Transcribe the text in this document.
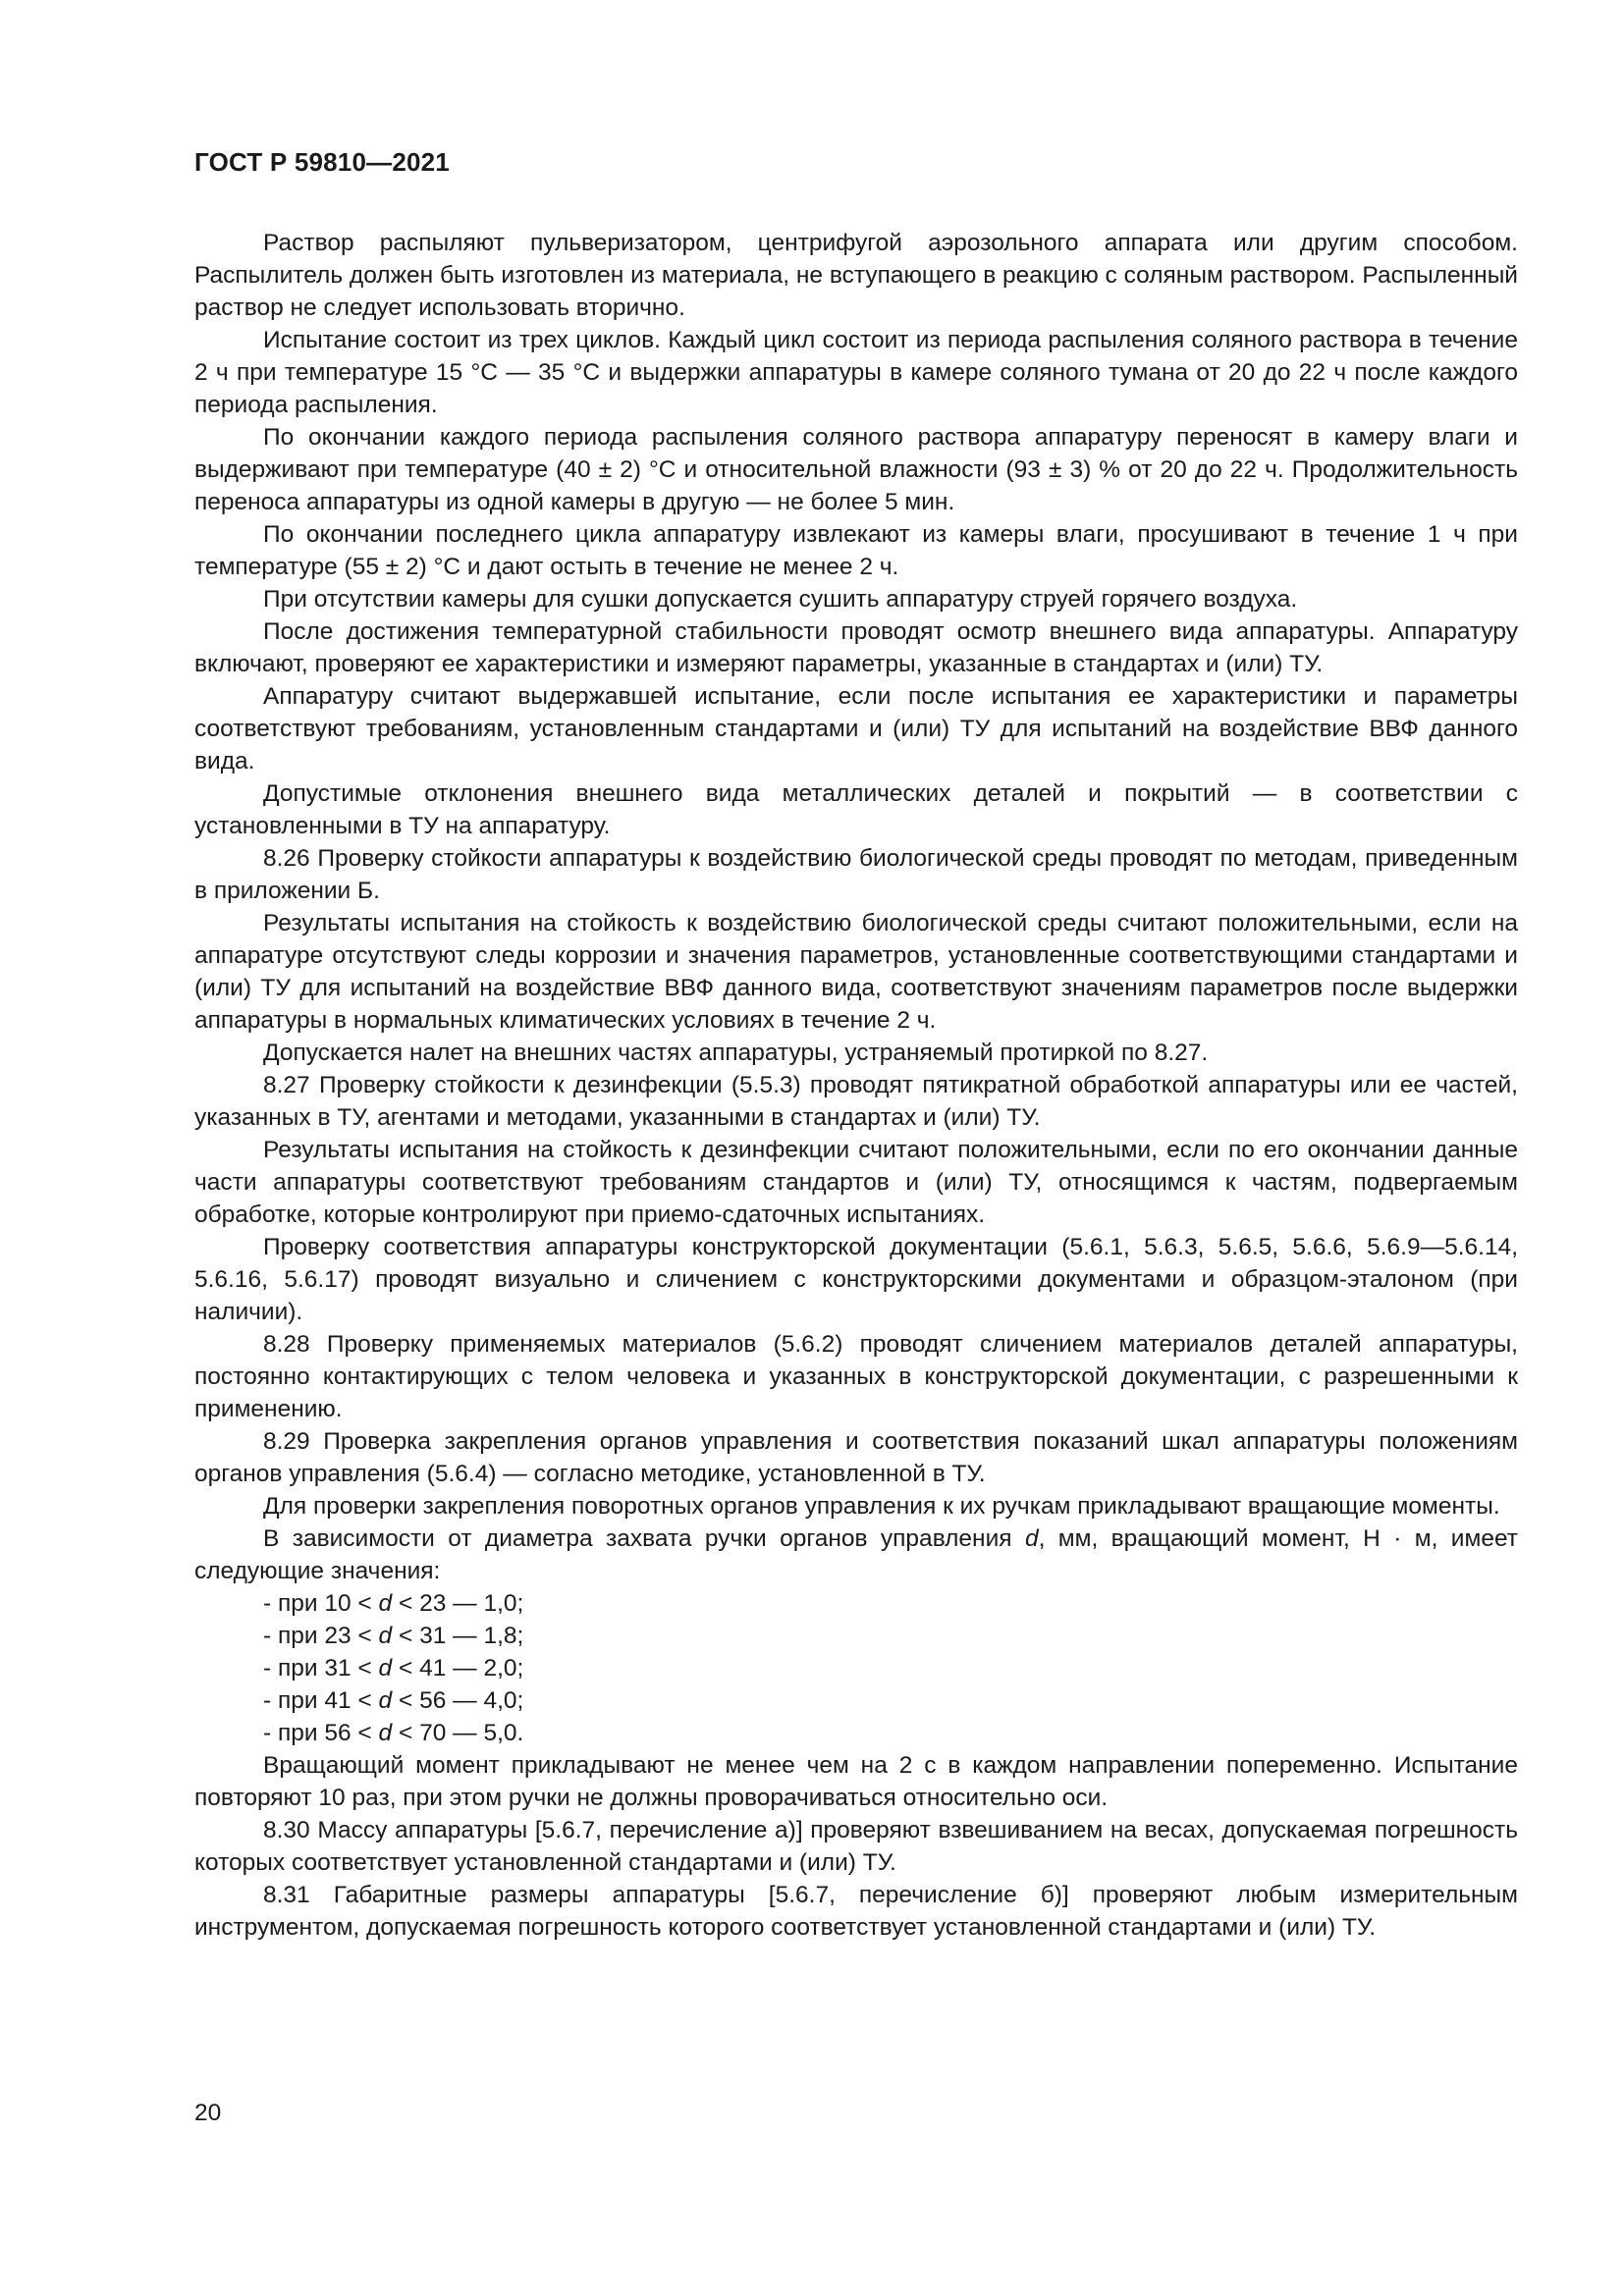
ГОСТ Р 59810—2021

Раствор распыляют пульверизатором, центрифугой аэрозольного аппарата или другим способом. Распылитель должен быть изготовлен из материала, не вступающего в реакцию с соляным раствором. Распыленный раствор не следует использовать вторично.

Испытание состоит из трех циклов. Каждый цикл состоит из периода распыления соляного раствора в течение 2 ч при температуре 15 °С — 35 °С и выдержки аппаратуры в камере соляного тумана от 20 до 22 ч после каждого периода распыления.

По окончании каждого периода распыления соляного раствора аппаратуру переносят в камеру влаги и выдерживают при температуре (40 ± 2) °С и относительной влажности (93 ± 3) % от 20 до 22 ч. Продолжительность переноса аппаратуры из одной камеры в другую — не более 5 мин.

По окончании последнего цикла аппаратуру извлекают из камеры влаги, просушивают в течение 1 ч при температуре (55 ± 2) °С и дают остыть в течение не менее 2 ч.

При отсутствии камеры для сушки допускается сушить аппаратуру струей горячего воздуха.

После достижения температурной стабильности проводят осмотр внешнего вида аппаратуры. Аппаратуру включают, проверяют ее характеристики и измеряют параметры, указанные в стандартах и (или) ТУ.

Аппаратуру считают выдержавшей испытание, если после испытания ее характеристики и параметры соответствуют требованиям, установленным стандартами и (или) ТУ для испытаний на воздействие ВВФ данного вида.

Допустимые отклонения внешнего вида металлических деталей и покрытий — в соответствии с установленными в ТУ на аппаратуру.

8.26 Проверку стойкости аппаратуры к воздействию биологической среды проводят по методам, приведенным в приложении Б.

Результаты испытания на стойкость к воздействию биологической среды считают положительными, если на аппаратуре отсутствуют следы коррозии и значения параметров, установленные соответствующими стандартами и (или) ТУ для испытаний на воздействие ВВФ данного вида, соответствуют значениям параметров после выдержки аппаратуры в нормальных климатических условиях в течение 2 ч.

Допускается налет на внешних частях аппаратуры, устраняемый протиркой по 8.27.

8.27 Проверку стойкости к дезинфекции (5.5.3) проводят пятикратной обработкой аппаратуры или ее частей, указанных в ТУ, агентами и методами, указанными в стандартах и (или) ТУ.

Результаты испытания на стойкость к дезинфекции считают положительными, если по его окончании данные части аппаратуры соответствуют требованиям стандартов и (или) ТУ, относящимся к частям, подвергаемым обработке, которые контролируют при приемо-сдаточных испытаниях.

Проверку соответствия аппаратуры конструкторской документации (5.6.1, 5.6.3, 5.6.5, 5.6.6, 5.6.9—5.6.14, 5.6.16, 5.6.17) проводят визуально и сличением с конструкторскими документами и образцом-эталоном (при наличии).

8.28 Проверку применяемых материалов (5.6.2) проводят сличением материалов деталей аппаратуры, постоянно контактирующих с телом человека и указанных в конструкторской документации, с разрешенными к применению.

8.29 Проверка закрепления органов управления и соответствия показаний шкал аппаратуры положениям органов управления (5.6.4) — согласно методике, установленной в ТУ.

Для проверки закрепления поворотных органов управления к их ручкам прикладывают вращающие моменты.

В зависимости от диаметра захвата ручки органов управления d, мм, вращающий момент, Н · м, имеет следующие значения:

- при 10 < d < 23 — 1,0;

- при 23 < d < 31 — 1,8;

- при 31 < d < 41 — 2,0;

- при 41 < d < 56 — 4,0;

- при 56 < d < 70 — 5,0.

Вращающий момент прикладывают не менее чем на 2 с в каждом направлении попеременно. Испытание повторяют 10 раз, при этом ручки не должны проворачиваться относительно оси.

8.30 Массу аппаратуры [5.6.7, перечисление а)] проверяют взвешиванием на весах, допускаемая погрешность которых соответствует установленной стандартами и (или) ТУ.

8.31 Габаритные размеры аппаратуры [5.6.7, перечисление б)] проверяют любым измерительным инструментом, допускаемая погрешность которого соответствует установленной стандартами и (или) ТУ.

20
